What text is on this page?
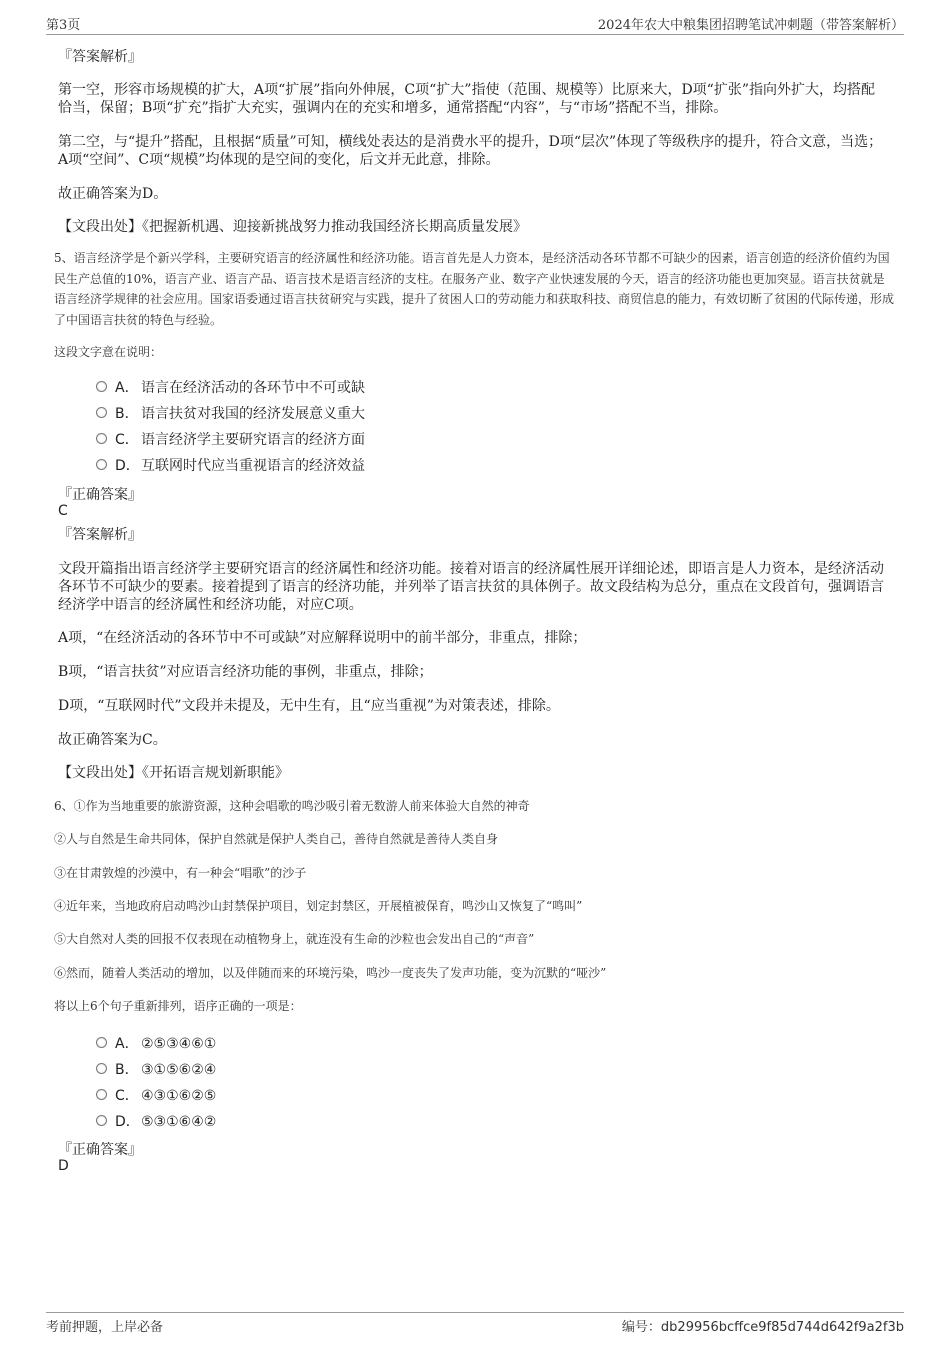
第3页	2024年农大中粮集团招聘笔试冲刺题（带答案解析）

『答案解析』

第一空，形容市场规模的扩大，A项“扩展”指向外伸展，C项“扩大”指使（范围、规模等）比原来大，D项“扩张”指向外扩大，均搭配恰当，保留；B项“扩充”指扩大充实，强调内在的充实和增多，通常搭配“内容”，与“市场”搭配不当，排除。

第二空，与“提升”搭配，且根据“质量”可知，横线处表达的是消费水平的提升，D项“层次”体现了等级秩序的提升，符合文意，当选；A项“空间”、C项“规模”均体现的是空间的变化，后文并无此意，排除。

故正确答案为D。

【文段出处】《把握新机遇、迎接新挑战努力推动我国经济长期高质量发展》

5、语言经济学是个新兴学科，主要研究语言的经济属性和经济功能。语言首先是人力资本，是经济活动各环节都不可缺少的因素，语言创造的经济价值约为国民生产总值的10%，语言产业、语言产品、语言技术是语言经济的支柱。在服务产业、数字产业快速发展的今天，语言的经济功能也更加突显。语言扶贫就是语言经济学规律的社会应用。国家语委通过语言扶贫研究与实践，提升了贫困人口的劳动能力和获取科技、商贸信息的能力，有效切断了贫困的代际传递，形成了中国语言扶贫的特色与经验。

这段文字意在说明：

A． 语言在经济活动的各环节中不可或缺
B． 语言扶贫对我国的经济发展意义重大
C． 语言经济学主要研究语言的经济方面
D．互联网时代应当重视语言的经济效益

『正确答案』

C

『答案解析』

文段开篇指出语言经济学主要研究语言的经济属性和经济功能。接着对语言的经济属性展开详细论述，即语言是人力资本，是经济活动各环节不可缺少的要素。接着提到了语言的经济功能，并列举了语言扶贫的具体例子。故文段结构为总分，重点在文段首句，强调语言经济学中语言的经济属性和经济功能，对应C项。

A项，“在经济活动的各环节中不可或缺”对应解释说明中的前半部分，非重点，排除；

B项，“语言扶贫”对应语言经济功能的事例，非重点，排除；

D项，“互联网时代”文段并未提及，无中生有，且“应当重视”为对策表述，排除。

故正确答案为C。

【文段出处】《开拓语言规划新职能》

6、①作为当地重要的旅游资源，这种会唱歌的鸣沙吸引着无数游人前来体验大自然的神奇

②人与自然是生命共同体，保护自然就是保护人类自己，善待自然就是善待人类自身

③在甘肃敦煌的沙漠中，有一种会“唱歌”的沙子

④近年来，当地政府启动鸣沙山封禁保护项目，划定封禁区，开展植被保育，鸣沙山又恢复了“鸣叫”

⑤大自然对人类的回报不仅表现在动植物身上，就连没有生命的沙粒也会发出自己的“声音”

⑥然而，随着人类活动的增加，以及伴随而来的环境污染，鸣沙一度丧失了发声功能，变为沉默的“哑沙”

将以上6个句子重新排列，语序正确的一项是：

A． ②⑤③④⑥①
B． ③①⑤⑥②④
C． ④③①⑥②⑤
D．⑤③①⑥④②

『正确答案』

D
考前押题，上岸必备	编号：db29956bcffce9f85d744d642f9a2f3b
